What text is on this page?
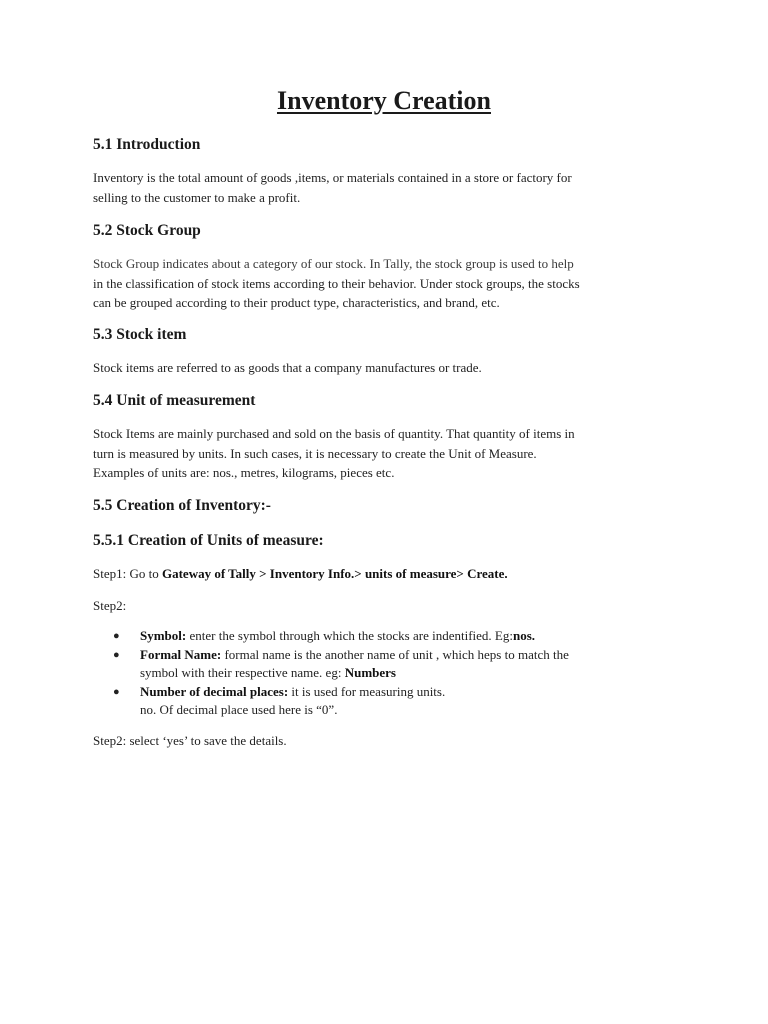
Inventory Creation
5.1 Introduction

Inventory is the total amount of goods ,items, or materials contained in a store or factory for
selling to the customer to make a profit.

5.2 Stock Group

Stock Group indicates about a category of our stock. In Tally, the stock group is used to help
in the classification of stock items according to their behavior. Under stock groups, the stocks
can be grouped according to their product type, characteristics, and brand, etc.

5.3 Stock item

Stock items are referred to as goods that a company manufactures or trade.

5.4 Unit of measurement

Stock Items are mainly purchased and sold on the basis of quantity. That quantity of items in
turn is measured by units. In such cases, it is necessary to create the Unit of Measure.
Examples of units are: nos., metres, kilograms, pieces etc.

5.5 Creation of Inventory:-
5.5.1 Creation of Units of measure:

Step1: Go to Gateway of Tally > Inventory Info.> units of measure> Create.

Step2:

● Symbol: enter the symbol through which the stocks are indentified. Eg:nos.
● Formal Name: formal name is the another name of unit , which heps to match the
symbol with their respective name. eg: Numbers
● Number of decimal places: it is used for measuring units.
no. Of decimal place used here is “0”.

Step2: select ‘yes’ to save the details.
